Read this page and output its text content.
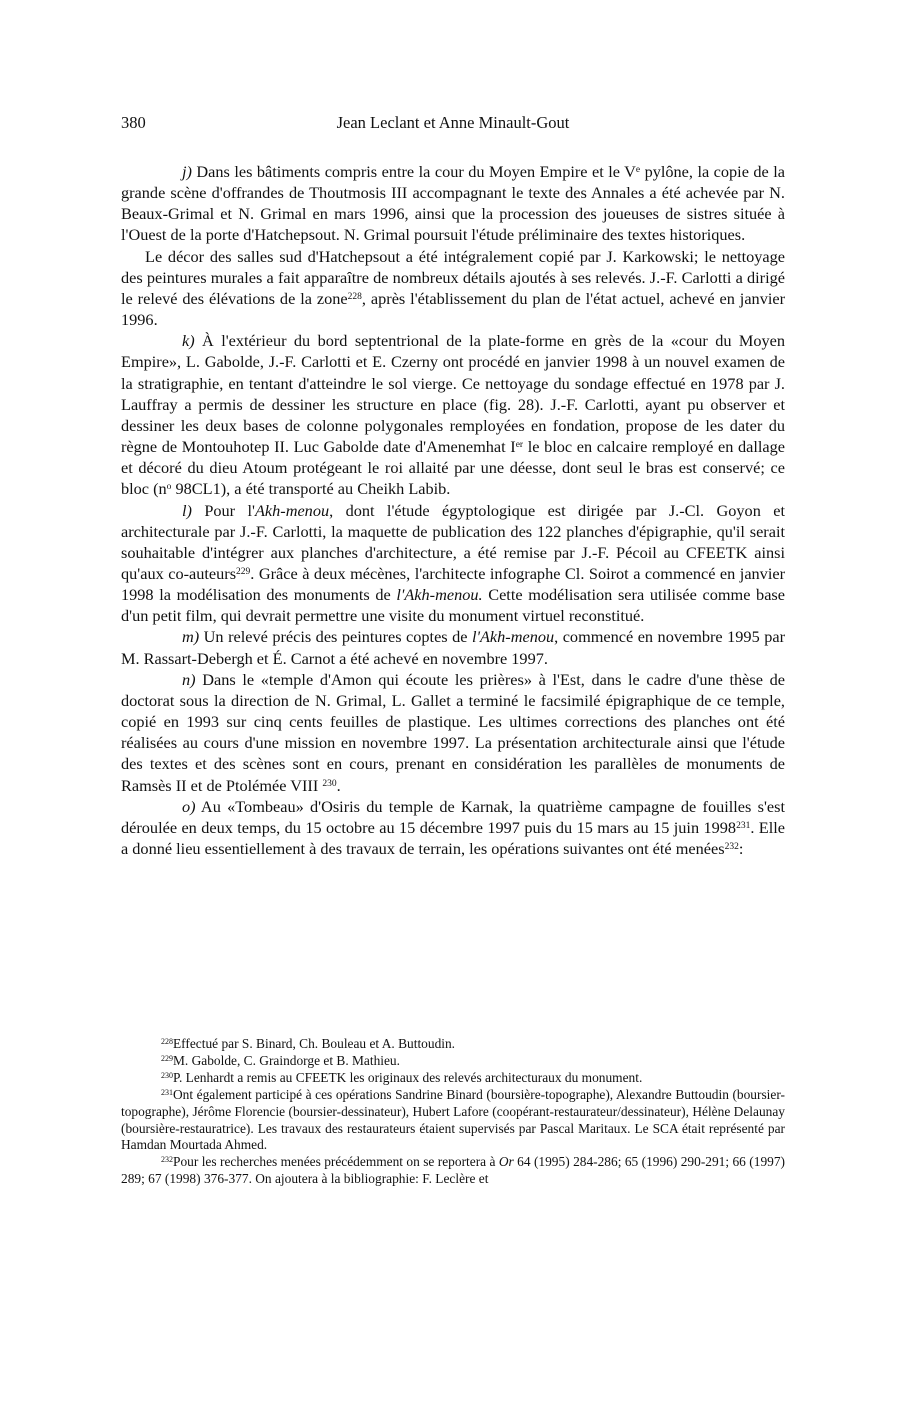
380	Jean Leclant et Anne Minault-Gout

j) Dans les bâtiments compris entre la cour du Moyen Empire et le Ve pylône, la copie de la grande scène d'offrandes de Thoutmosis III accompagnant le texte des Annales a été achevée par N. Beaux-Grimal et N. Grimal en mars 1996, ainsi que la procession des joueuses de sistres située à l'Ouest de la porte d'Hatchepsout. N. Grimal poursuit l'étude préliminaire des textes historiques.

Le décor des salles sud d'Hatchepsout a été intégralement copié par J. Karkowski; le nettoyage des peintures murales a fait apparaître de nombreux détails ajoutés à ses relevés. J.-F. Carlotti a dirigé le relevé des élévations de la zone$^{228}$, après l'établissement du plan de l'état actuel, achevé en janvier 1996.

k) À l'extérieur du bord septentrional de la plate-forme en grès de la «cour du Moyen Empire», L. Gabolde, J.-F. Carlotti et E. Czerny ont procédé en janvier 1998 à un nouvel examen de la stratigraphie, en tentant d'atteindre le sol vierge. Ce nettoyage du sondage effectué en 1978 par J. Lauffray a permis de dessiner les structure en place (fig. 28). J.-F. Carlotti, ayant pu observer et dessiner les deux bases de colonne polygonales remployées en fondation, propose de les dater du règne de Montouhotep II. Luc Gabolde date d'Amenemhat Ier le bloc en calcaire remployé en dallage et décoré du dieu Atoum protégeant le roi allaité par une déesse, dont seul le bras est conservé; ce bloc ($n^o$ 98CL1), a été transporté au Cheikh Labib.

l) Pour l'Akh-menou, dont l'étude égyptologique est dirigée par J.-Cl. Goyon et architecturale par J.-F. Carlotti, la maquette de publication des 122 planches d'épigraphie, qu'il serait souhaitable d'intégrer aux planches d'architecture, a été remise par J.-F. Pécoil au CFEETK ainsi qu'aux co-auteurs$^{229}$. Grâce à deux mécènes, l'architecte infographe Cl. Soirot a commencé en janvier 1998 la modélisation des monuments de l'Akh-menou. Cette modélisation sera utilisée comme base d'un petit film, qui devrait permettre une visite du monument virtuel reconstitué.

m) Un relevé précis des peintures coptes de l'Akh-menou, commencé en novembre 1995 par M. Rassart-Debergh et É. Carnot a été achevé en novembre 1997.

n) Dans le «temple d'Amon qui écoute les prières» à l'Est, dans le cadre d'une thèse de doctorat sous la direction de N. Grimal, L. Gallet a terminé le facsimilé épigraphique de ce temple, copié en 1993 sur cinq cents feuilles de plastique. Les ultimes corrections des planches ont été réalisées au cours d'une mission en novembre 1997. La présentation architecturale ainsi que l'étude des textes et des scènes sont en cours, prenant en considération les parallèles de monuments de Ramsès II et de Ptolémée VIII $^{230}$.

o) Au «Tombeau» d'Osiris du temple de Karnak, la quatrième campagne de fouilles s'est déroulée en deux temps, du 15 octobre au 15 décembre 1997 puis du 15 mars au 15 juin 1998$^{231}$. Elle a donné lieu essentiellement à des travaux de terrain, les opérations suivantes ont été menées$^{232}$:

$^{228}$Effectué par S. Binard, Ch. Bouleau et A. Buttoudin.

$^{229}$M. Gabolde, C. Graindorge et B. Mathieu.

$^{230}$P. Lenhardt a remis au CFEETK les originaux des relevés architecturaux du monument.

$^{231}$Ont également participé à ces opérations Sandrine Binard (boursière-topographe), Alexandre Buttoudin (boursier-topographe), Jérôme Florencie (boursier-dessinateur), Hubert Lafore (coopérant-restaurateur/dessinateur), Hélène Delaunay (boursière-restauratrice). Les travaux des restaurateurs étaient supervisés par Pascal Maritaux. Le SCA était représenté par Hamdan Mourtada Ahmed.

$^{232}$Pour les recherches menées précédemment on se reportera à Or 64 (1995) 284-286; 65 (1996) 290-291; 66 (1997) 289; 67 (1998) 376-377. On ajoutera à la bibliographie: F. Leclère et
